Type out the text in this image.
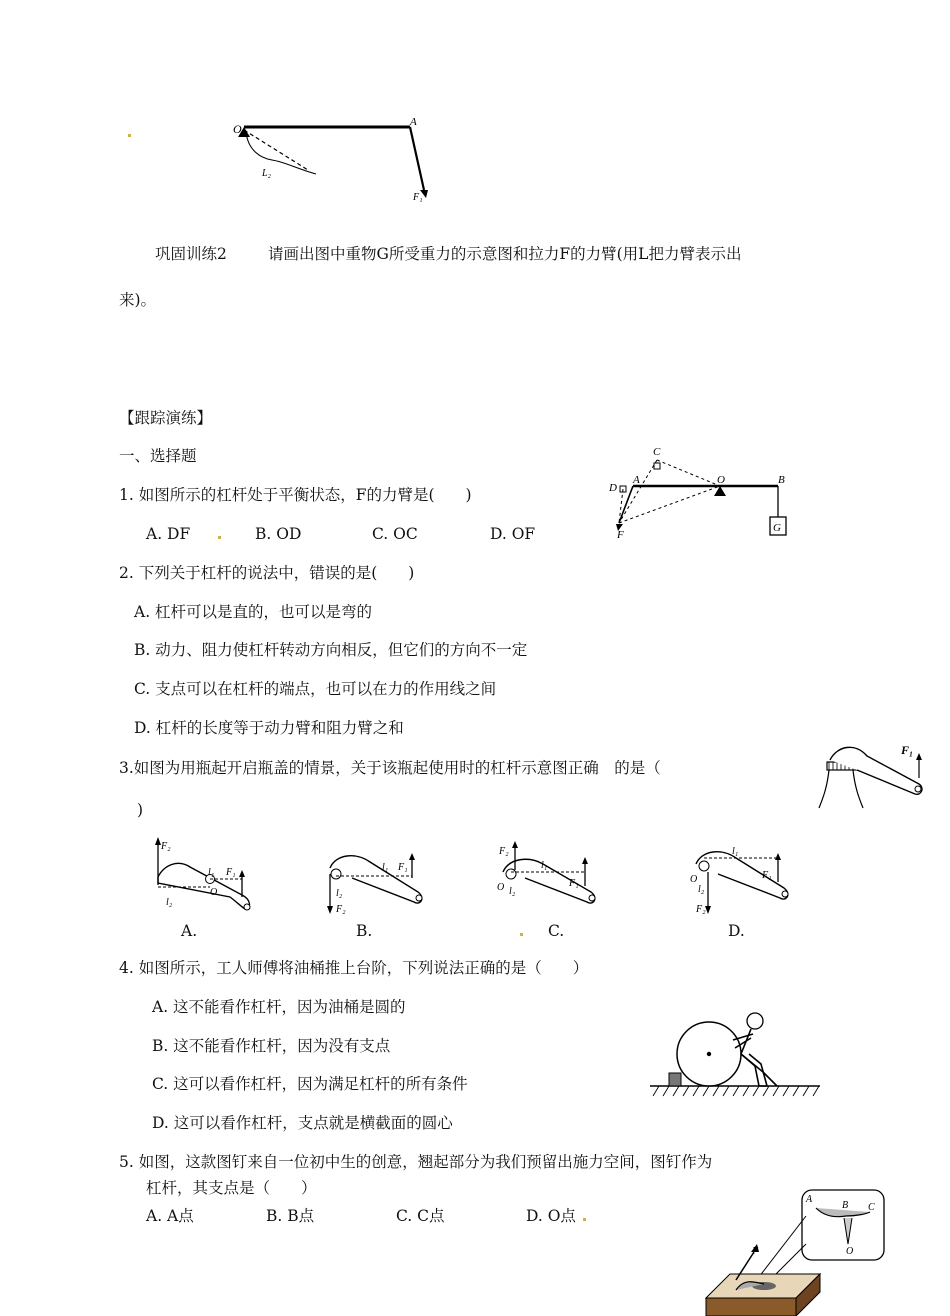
O	A
L₂
F₁
巩固训练2	请画出图中重物G所受重力的示意图和拉力F的力臂(用L把力臂表示出
来)。
【跟踪演练】
一、选择题
1. 如图所示的杠杆处于平衡状态，F的力臂是(　　)
A. DF	B. OD	C. OC	D. OF
C
D
A	O	B
G
F
2. 下列关于杠杆的说法中，错误的是(　　)
A. 杠杆可以是直的，也可以是弯的
B. 动力、阻力使杠杆转动方向相反，但它们的方向不一定
C. 支点可以在杠杆的端点，也可以在力的作用线之间
D. 杠杆的长度等于动力臂和阻力臂之和
3.如图为用瓶起开启瓶盖的情景，关于该瓶起使用时的杠杆示意图正确　的是（
)
F₁
F₂
F₁
l₁
l₂
O
l₁ F₁
l₂
F₂
F₂
l₁
F₁
O l₂
l₁
F₁
O
l₂
F₂
A.	B.	C.	D.
4. 如图所示，工人师傅将油桶推上台阶，下列说法正确的是（　　）
A. 这不能看作杠杆，因为油桶是圆的
B. 这不能看作杠杆，因为没有支点
C. 这可以看作杠杆，因为满足杠杆的所有条件
D. 这可以看作杠杆，支点就是横截面的圆心
5. 如图，这款图钉来自一位初中生的创意，翘起部分为我们预留出施力空间，图钉作为
杠杆，其支点是（　　）
A. A点	B. B点	C. C点	D. O点
A
B C
O
F
